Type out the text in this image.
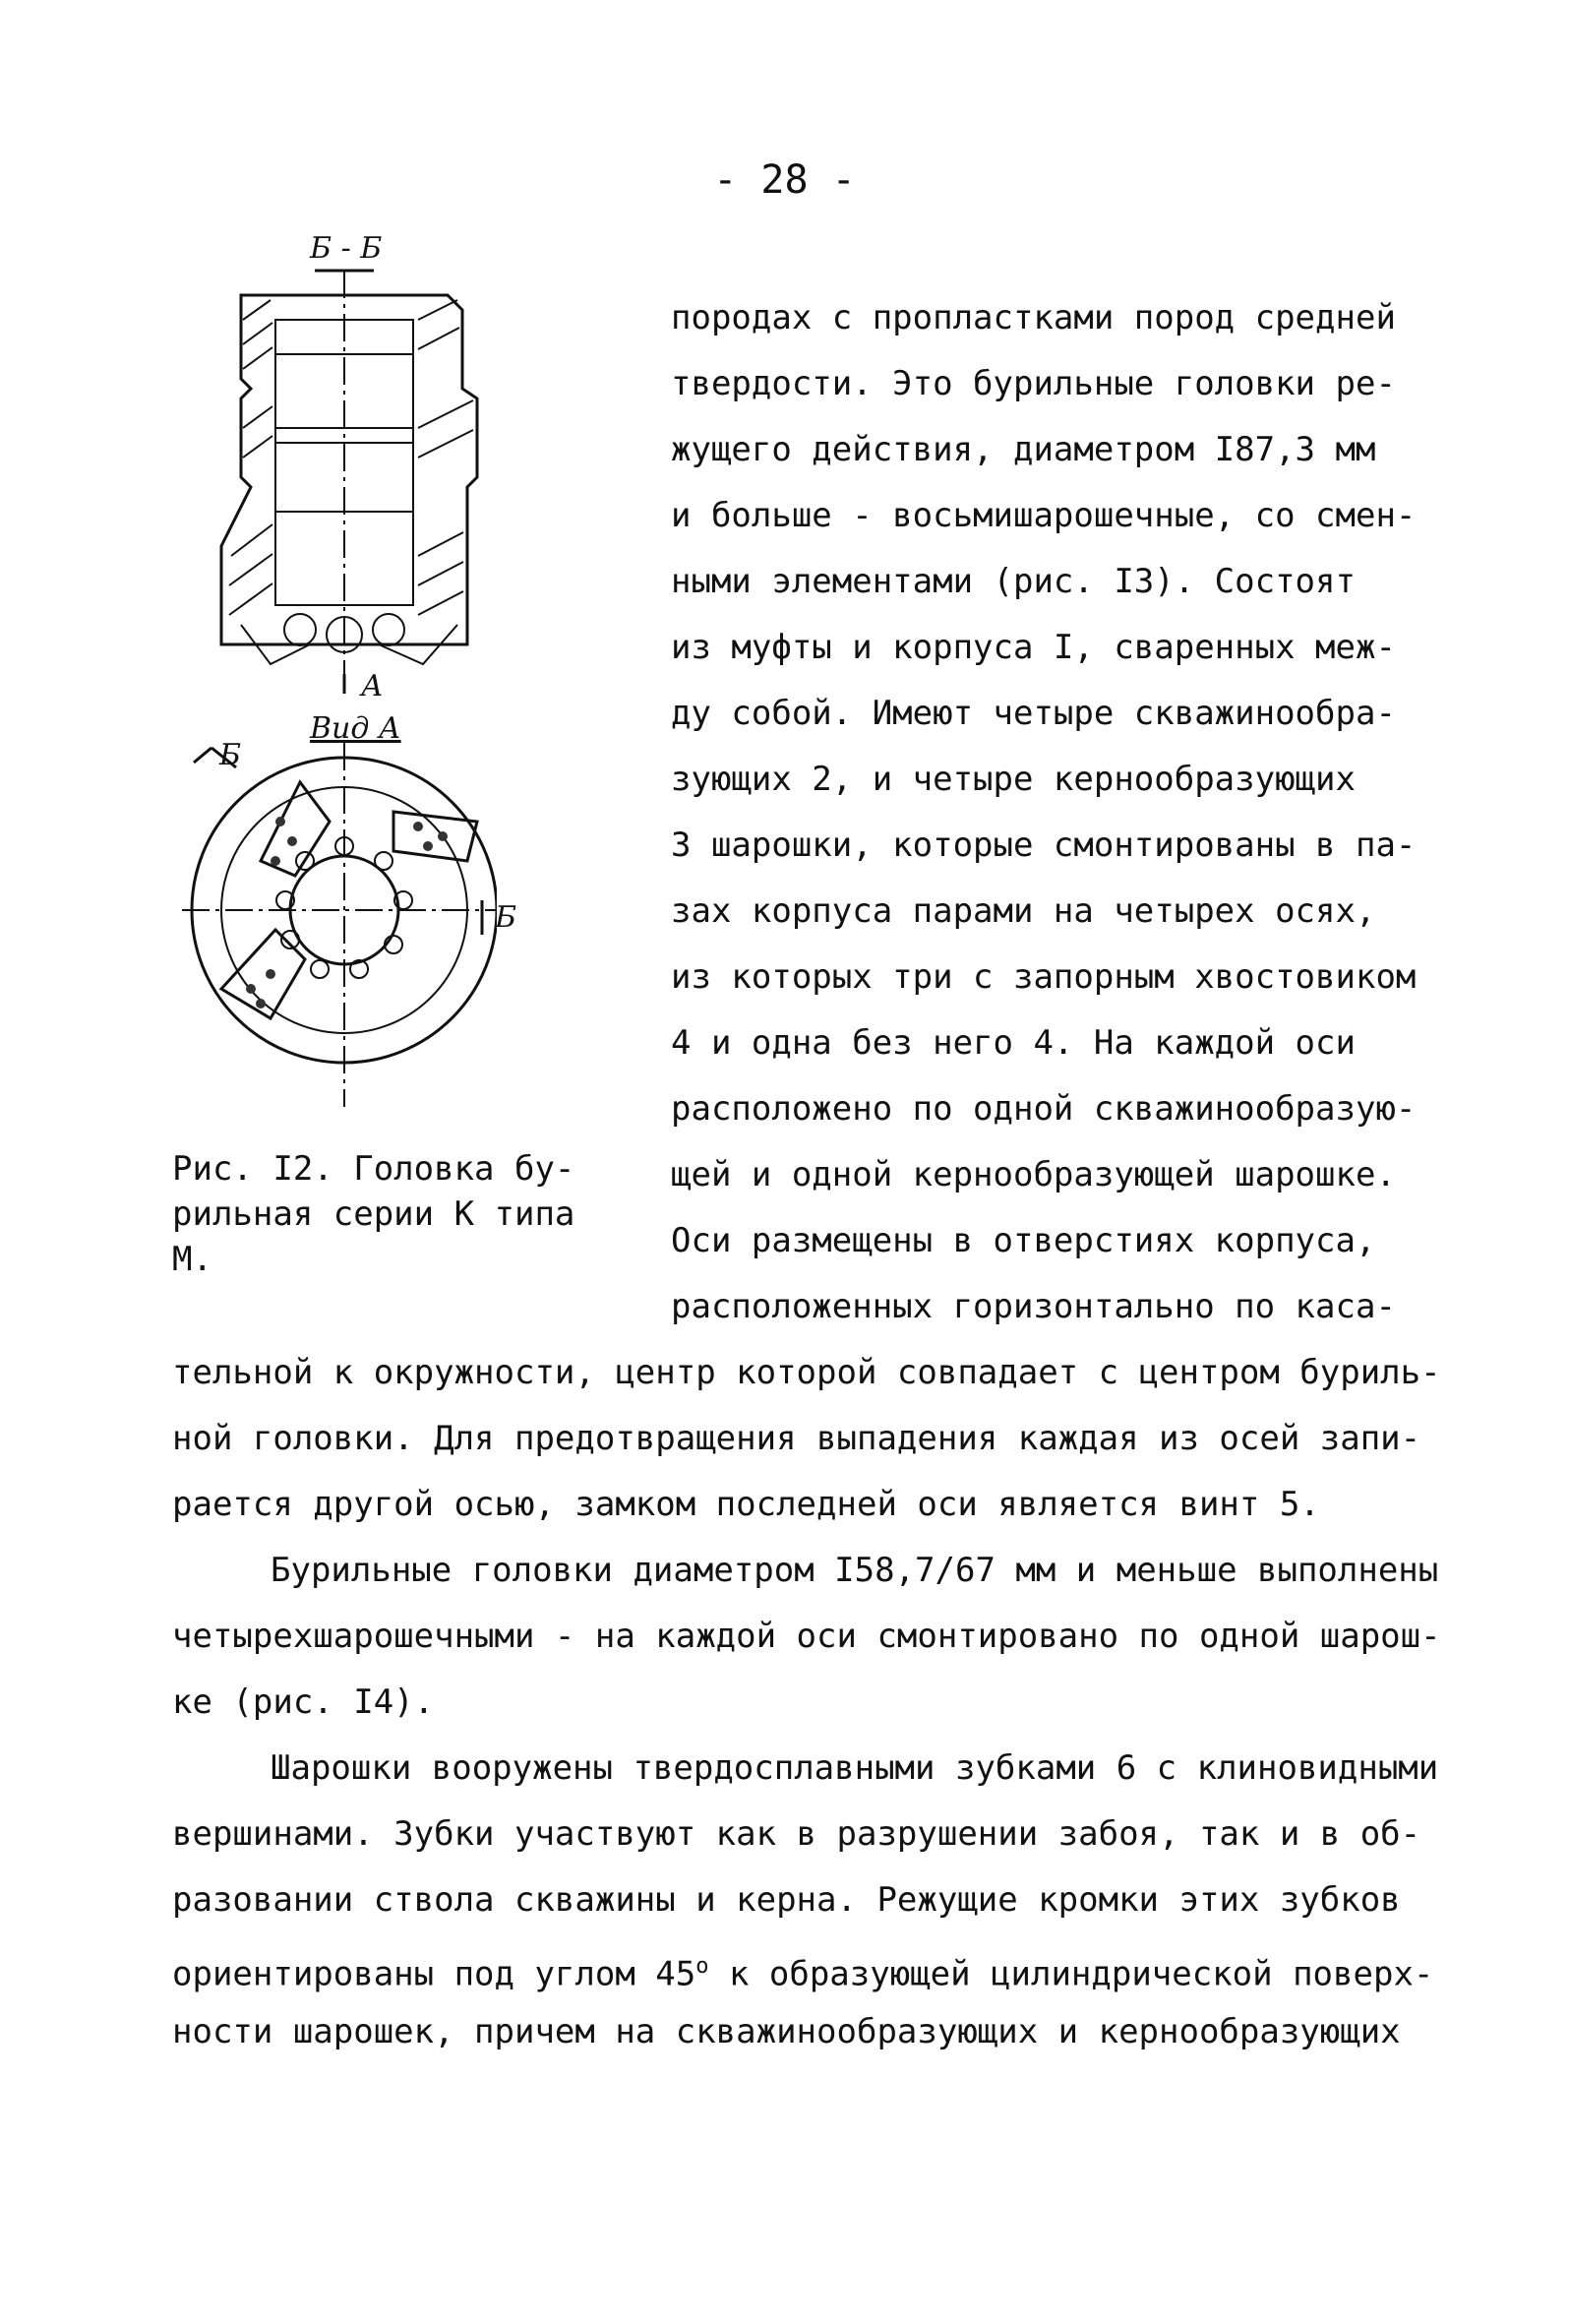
- 28 -
Б - Б
А
Вид А
Б
Б
Рис. I2. Головка бу-
рильная серии К типа
М.
породах с пропластками пород средней
твердости. Это бурильные головки ре-
жущего действия, диаметром I87,3 мм
и больше - восьмишарошечные, со смен-
ными элементами (рис. I3). Состоят
из муфты и корпуса I, сваренных меж-
ду собой. Имеют четыре скважинообра-
зующих 2, и четыре кернообразующих
3 шарошки, которые смонтированы в па-
зах корпуса парами на четырех осях,
из которых три с запорным хвостовиком
4 и одна без него 4. На каждой оси
расположено по одной скважинообразую-
щей и одной кернообразующей шарошке.
Оси размещены в отверстиях корпуса,
расположенных горизонтально по каса-
тельной к окружности, центр которой совпадает с центром буриль-
ной головки. Для предотвращения выпадения каждая из осей запи-
рается другой осью, замком последней оси является винт 5.
Бурильные головки диаметром I58,7/67 мм и меньше выполнены
четырехшарошечными - на каждой оси смонтировано по одной шарош-
ке (рис. I4).
Шарошки вооружены твердосплавными зубками 6 с клиновидными
вершинами. Зубки участвуют как в разрушении забоя, так и в об-
разовании ствола скважины и керна. Режущие кромки этих зубков
ориентированы под углом $45^о$ к образующей цилиндрической поверх-
ности шарошек, причем на скважинообразующих и кернообразующих
